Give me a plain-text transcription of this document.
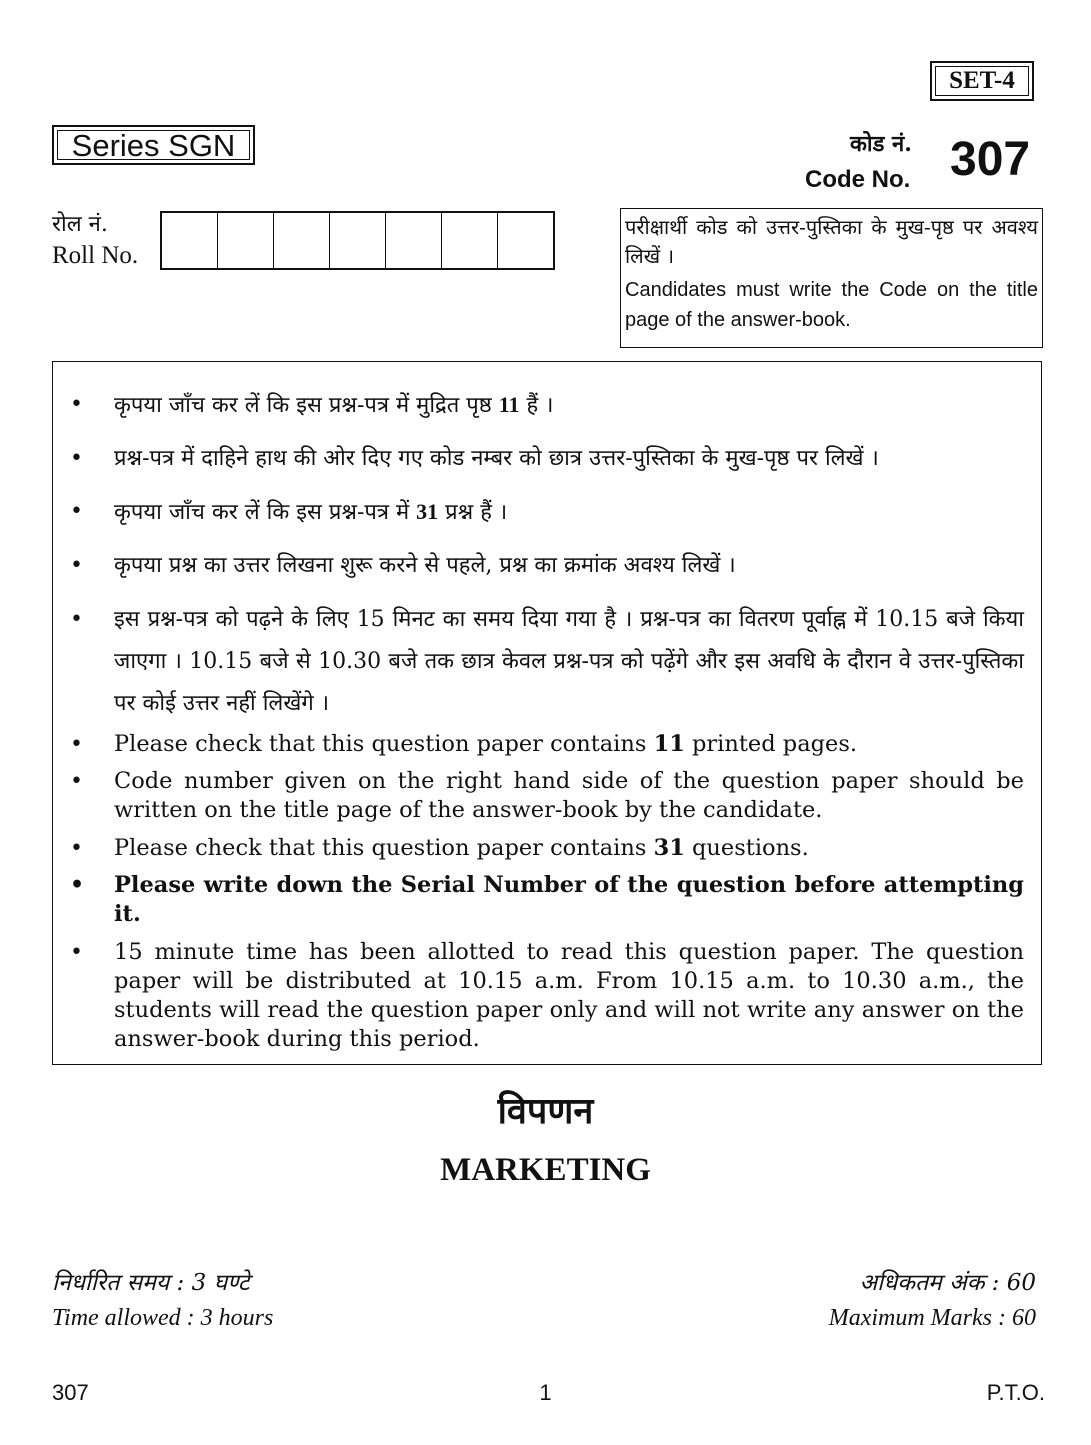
SET-4
Series SGN	कोड नं.
Code No. 307
रोल नं.
Roll No.
परीक्षार्थी कोड को उत्तर-पुस्तिका के मुख-पृष्ठ पर अवश्य लिखें ।
Candidates must write the Code on the title page of the answer-book.
• कृपया जाँच कर लें कि इस प्रश्न-पत्र में मुद्रित पृष्ठ 11 हैं ।
• प्रश्न-पत्र में दाहिने हाथ की ओर दिए गए कोड नम्बर को छात्र उत्तर-पुस्तिका के मुख-पृष्ठ पर लिखें ।
• कृपया जाँच कर लें कि इस प्रश्न-पत्र में 31 प्रश्न हैं ।
• कृपया प्रश्न का उत्तर लिखना शुरू करने से पहले, प्रश्न का क्रमांक अवश्य लिखें ।
• इस प्रश्न-पत्र को पढ़ने के लिए 15 मिनट का समय दिया गया है । प्रश्न-पत्र का वितरण पूर्वाह्न में 10.15 बजे किया जाएगा । 10.15 बजे से 10.30 बजे तक छात्र केवल प्रश्न-पत्र को पढ़ेंगे और इस अवधि के दौरान वे उत्तर-पुस्तिका पर कोई उत्तर नहीं लिखेंगे ।
• Please check that this question paper contains 11 printed pages.
• Code number given on the right hand side of the question paper should be written on the title page of the answer-book by the candidate.
• Please check that this question paper contains 31 questions.
• Please write down the Serial Number of the question before attempting it.
• 15 minute time has been allotted to read this question paper. The question paper will be distributed at 10.15 a.m. From 10.15 a.m. to 10.30 a.m., the students will read the question paper only and will not write any answer on the answer-book during this period.
विपणन
MARKETING
निर्धारित समय : 3 घण्टे
Time allowed : 3 hours
अधिकतम अंक : 60
Maximum Marks : 60
307	1	P.T.O.
